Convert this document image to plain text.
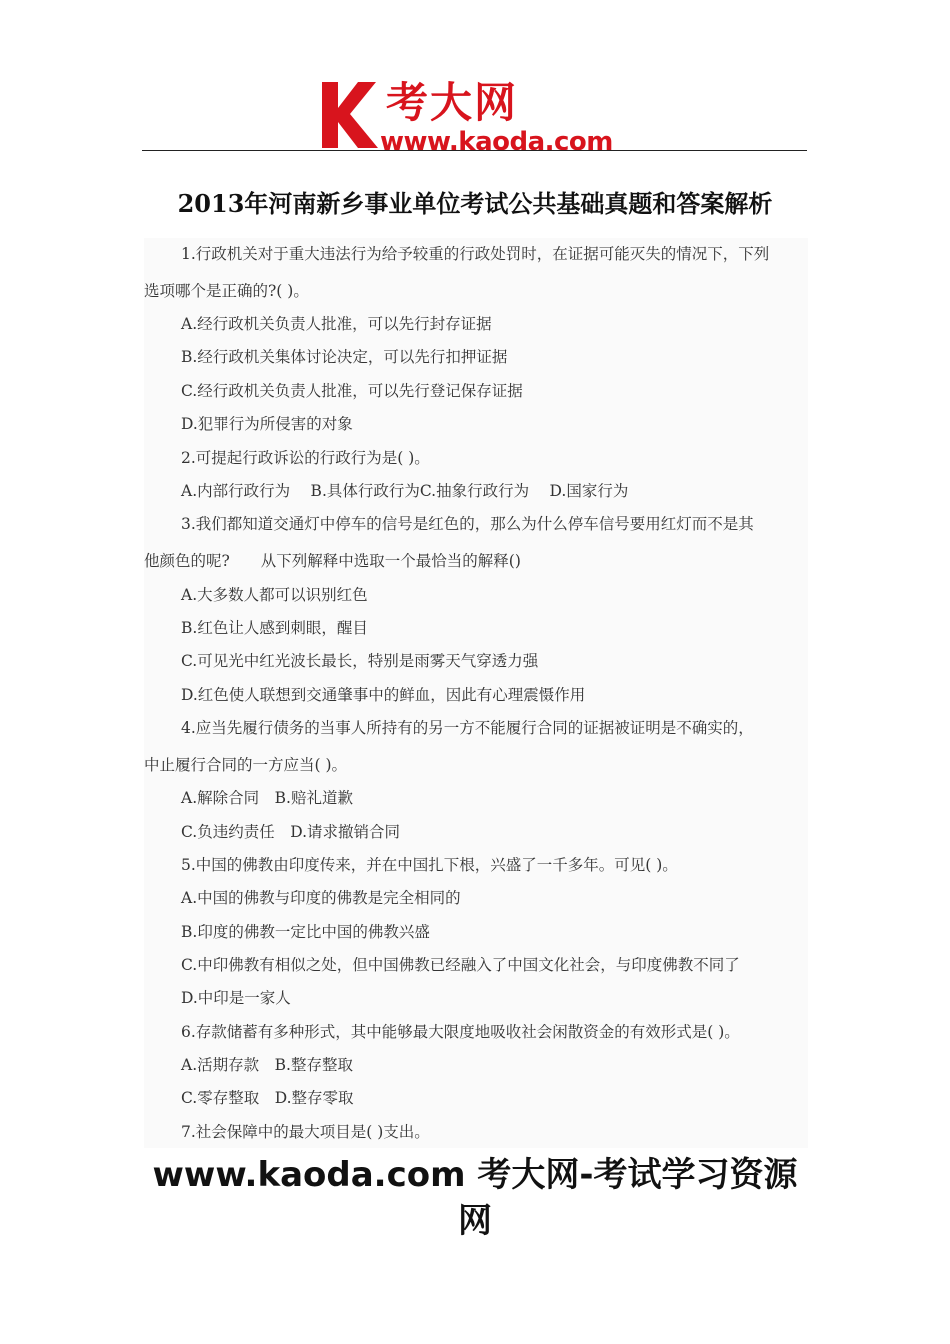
考大网
www.kaoda.com
2013年河南新乡事业单位考试公共基础真题和答案解析
1.行政机关对于重大违法行为给予较重的行政处罚时，在证据可能灭失的情况下，下列
选项哪个是正确的?( )。
A.经行政机关负责人批准，可以先行封存证据
B.经行政机关集体讨论决定，可以先行扣押证据
C.经行政机关负责人批准，可以先行登记保存证据
D.犯罪行为所侵害的对象
2.可提起行政诉讼的行政行为是( )。
A.内部行政行为　 B.具体行政行为C.抽象行政行为　 D.国家行为
3.我们都知道交通灯中停车的信号是红色的，那么为什么停车信号要用红灯而不是其
他颜色的呢?　　从下列解释中选取一个最恰当的解释()
A.大多数人都可以识别红色
B.红色让人感到刺眼，醒目
C.可见光中红光波长最长，特别是雨雾天气穿透力强
D.红色使人联想到交通肇事中的鲜血，因此有心理震慑作用
4.应当先履行债务的当事人所持有的另一方不能履行合同的证据被证明是不确实的，
中止履行合同的一方应当( )。
A.解除合同　B.赔礼道歉
C.负违约责任　D.请求撤销合同
5.中国的佛教由印度传来，并在中国扎下根，兴盛了一千多年。可见( )。
A.中国的佛教与印度的佛教是完全相同的
B.印度的佛教一定比中国的佛教兴盛
C.中印佛教有相似之处，但中国佛教已经融入了中国文化社会，与印度佛教不同了
D.中印是一家人
6.存款储蓄有多种形式，其中能够最大限度地吸收社会闲散资金的有效形式是( )。
A.活期存款　B.整存整取
C.零存整取　D.整存零取
7.社会保障中的最大项目是( )支出。
www.kaoda.com 考大网-考试学习资源
网
